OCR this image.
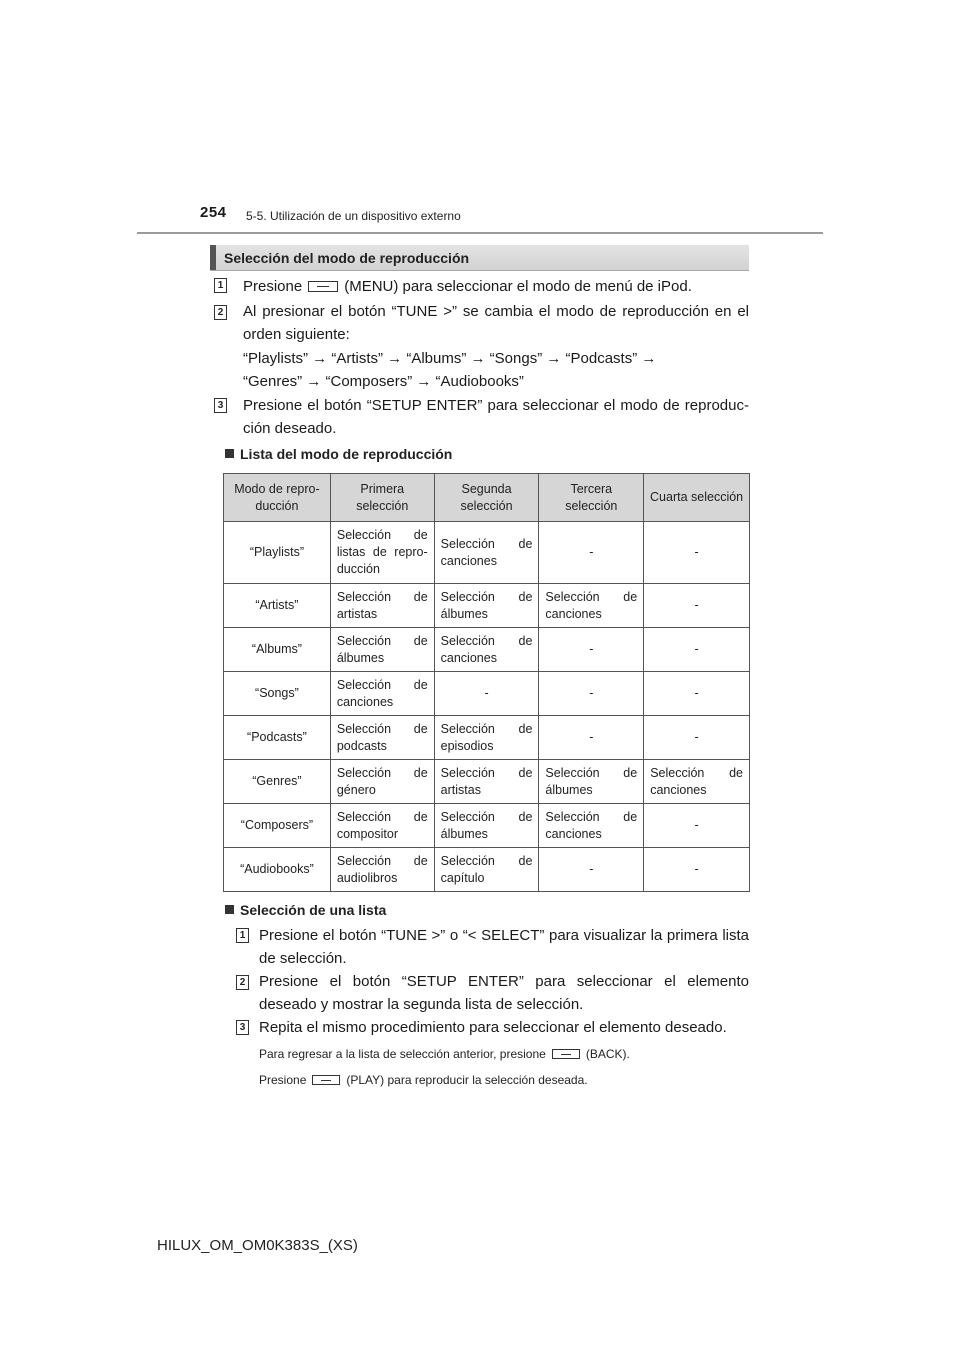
254 5-5. Utilización de un dispositivo externo
Selección del modo de reproducción
1 Presione	(MENU) para seleccionar el modo de menú de iPod.
2 Al presionar el botón “TUNE >” se cambia el modo de reproducción en el orden siguiente:
“Playlists” → “Artists” → “Albums” → “Songs” → “Podcasts” →
“Genres” → “Composers” → “Audiobooks”
3 Presione el botón “SETUP ENTER” para seleccionar el modo de reproduc-ción deseado.
Lista del modo de reproducción
Modo de repro-ducción	Primera selección	Segunda selección	Tercera selección	Cuarta selección
“Playlists”	Selección de listas de repro-ducción	Selección de canciones	-	-
“Artists”	Selección de artistas	Selección de álbumes	Selección de canciones	-
“Albums”	Selección de álbumes	Selección de canciones	-	-
“Songs”	Selección de canciones	-	-	-
“Podcasts”	Selección de podcasts	Selección de episodios	-	-
“Genres”	Selección de género	Selección de artistas	Selección de álbumes	Selección de canciones
“Composers”	Selección de compositor	Selección de álbumes	Selección de canciones	-
“Audiobooks”	Selección de audiolibros	Selección de capítulo	-	-
Selección de una lista
1 Presione el botón “TUNE >” o “< SELECT” para visualizar la primera lista de selección.
2 Presione el botón “SETUP ENTER” para seleccionar el elemento deseado y mostrar la segunda lista de selección.
3 Repita el mismo procedimiento para seleccionar el elemento deseado.
Para regresar a la lista de selección anterior, presione	(BACK).
Presione	(PLAY) para reproducir la selección deseada.
HILUX_OM_OM0K383S_(XS)
